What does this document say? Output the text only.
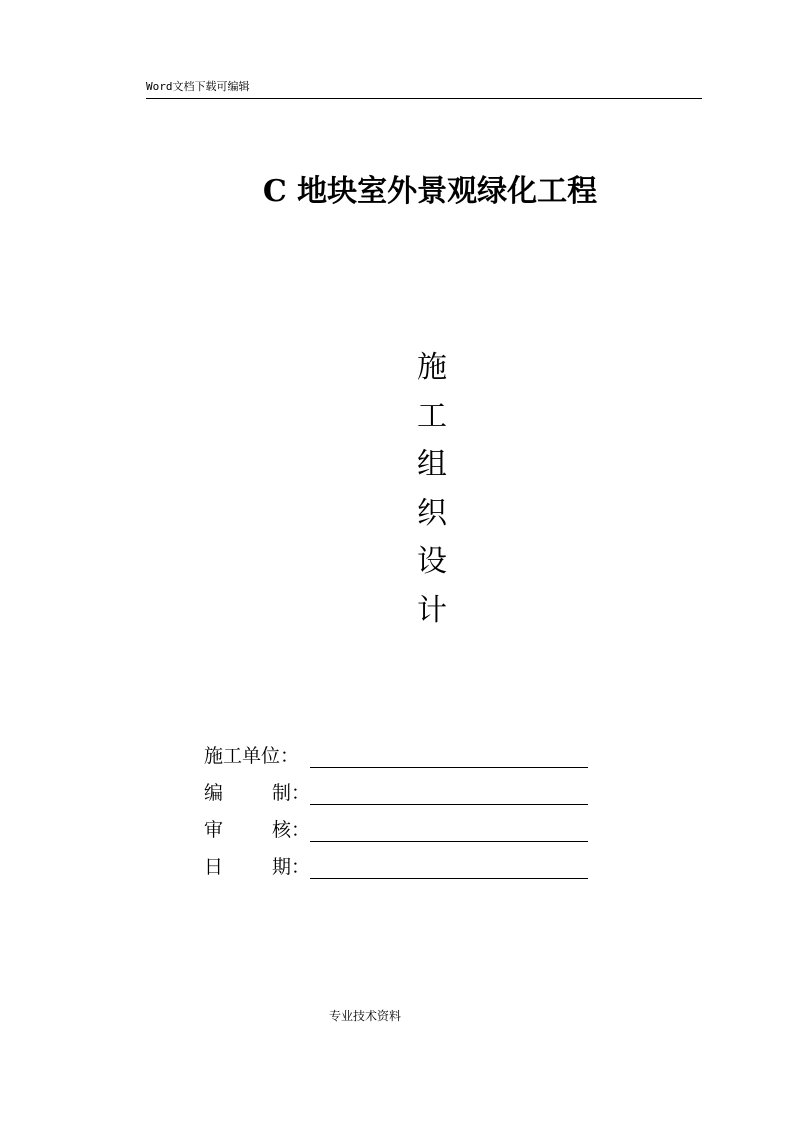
Word文档下载可编辑
C 地块室外景观绿化工程
施
工
组
织
设
计
施工单位：
编	制：
审	核：
日	期：
专业技术资料
